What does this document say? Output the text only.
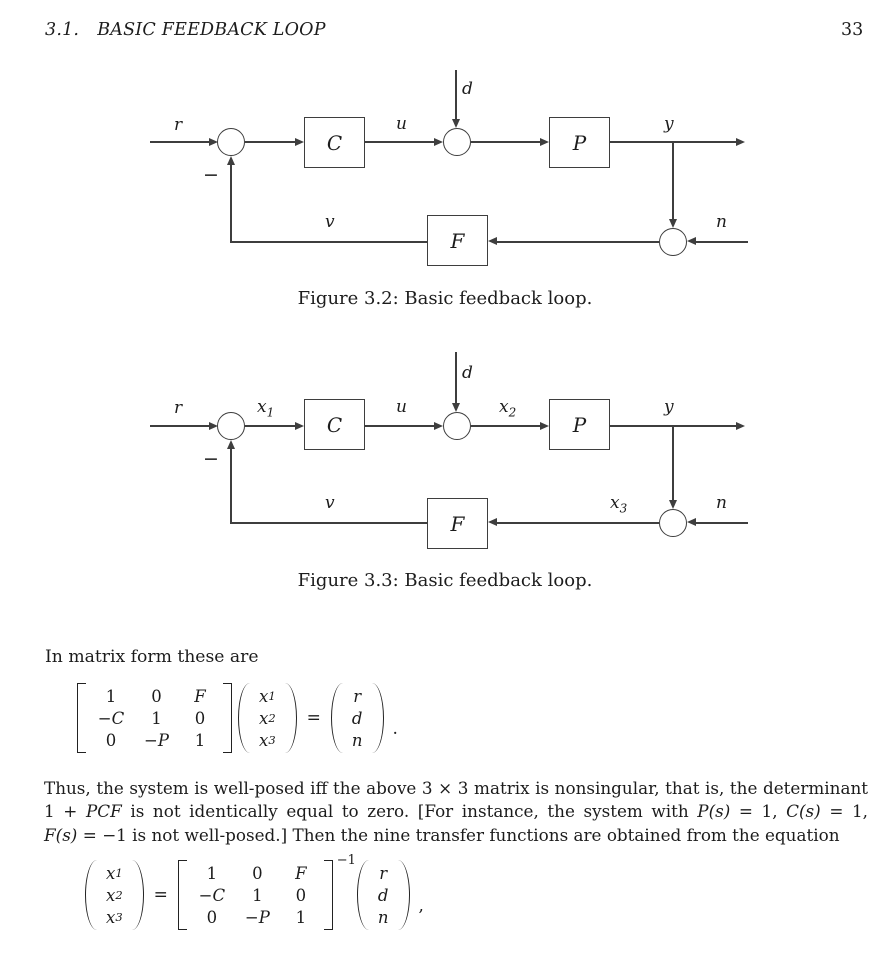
3.1. BASIC FEEDBACK LOOP	33
r
−
C
u
d
P
y
n
F
v
Figure 3.2: Basic feedback loop.
r
−
$x_1$
C
u
d
$x_2$
P
y
n
$x_3$
F
v
Figure 3.3: Basic feedback loop.
In matrix form these are
1	0	F
−C	1	0
0	−P	1
x 1
x 2
x 3
=
r
d
n
.
Thus, the system is well-posed iff the above 3 × 3 matrix is nonsingular, that is, the determinant
1 + PCF is not identically equal to zero. [For instance, the system with P(s) = 1, C(s) = 1,
F(s) = −1 is not well-posed.] Then the nine transfer functions are obtained from the equation
x 1
x 2
x 3
=
1	0	F
−C	1	0
0	−P	1
−1
r
d
n
,
